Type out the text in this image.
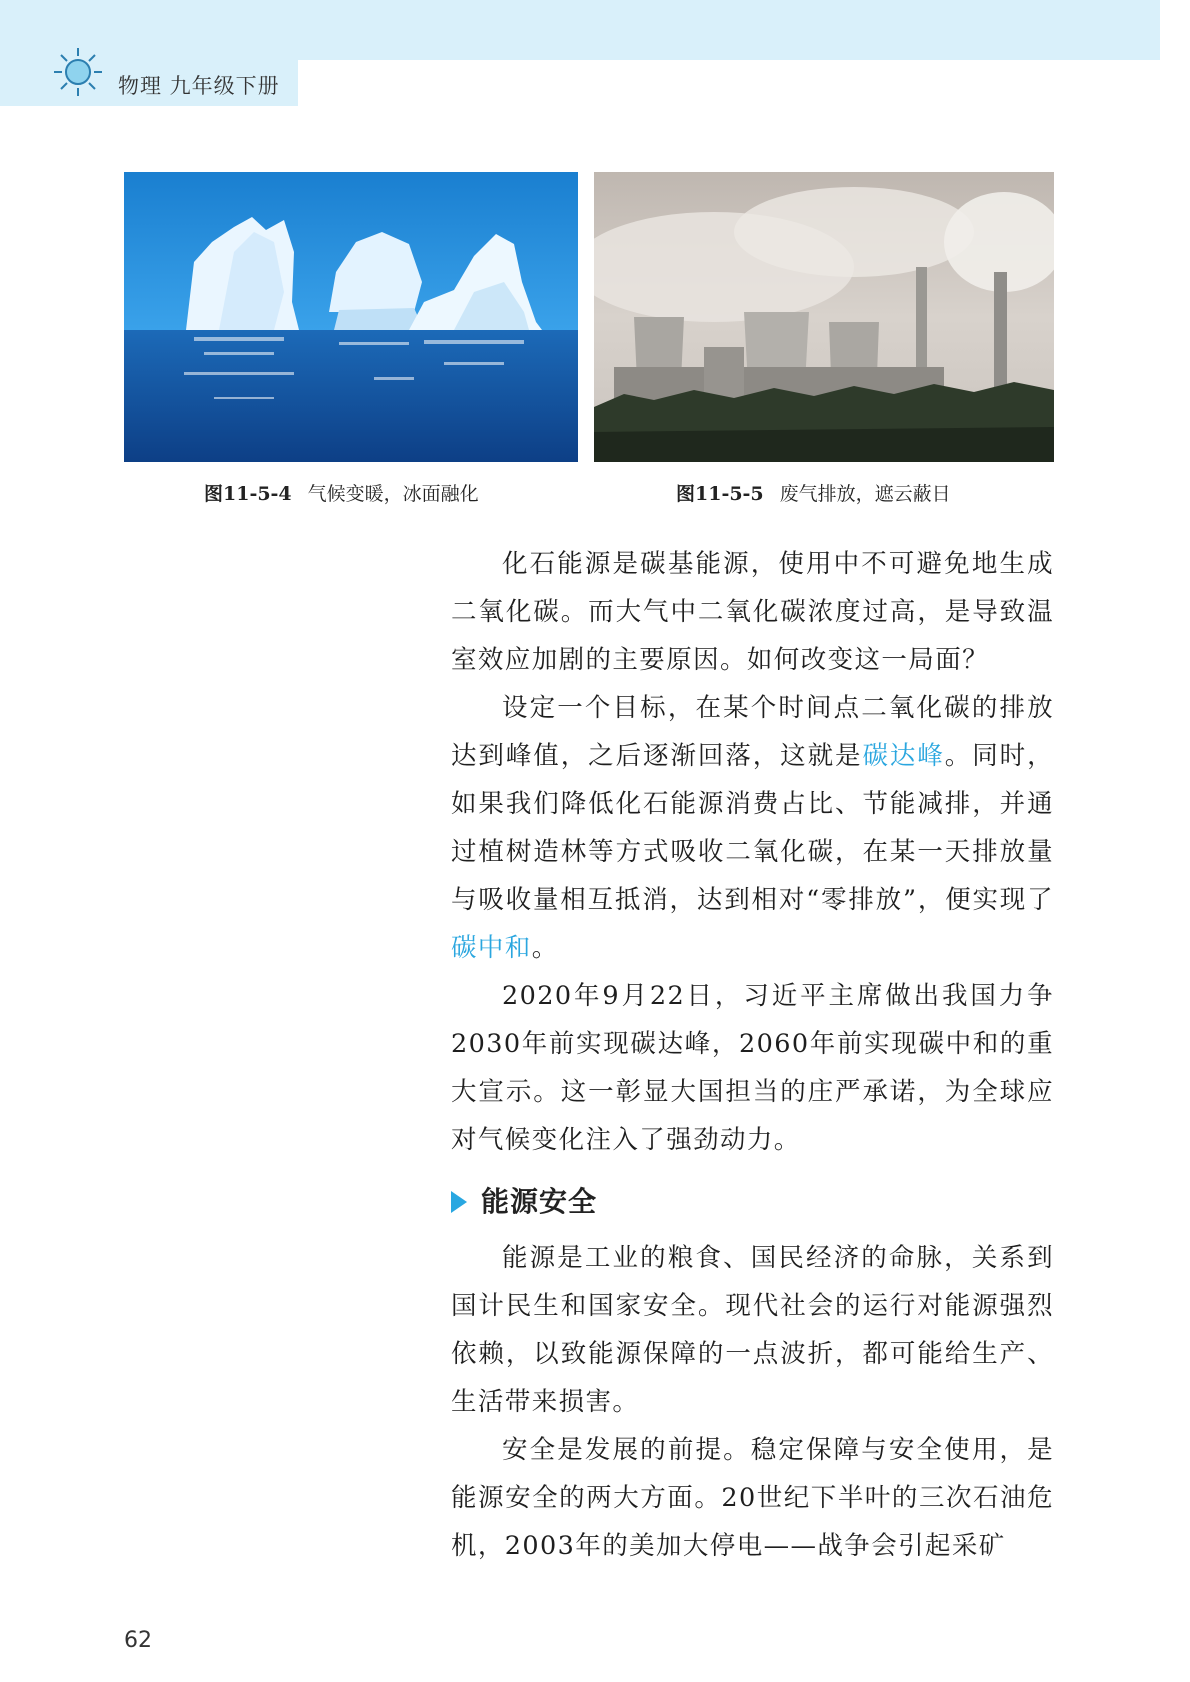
物理 九年级下册
图11-5-4 气候变暖，冰面融化	图11-5-5 废气排放，遮云蔽日

化石能源是碳基能源，使用中不可避免地生成二氧化碳。而大气中二氧化碳浓度过高，是导致温室效应加剧的主要原因。如何改变这一局面？

设定一个目标，在某个时间点二氧化碳的排放达到峰值，之后逐渐回落，这就是碳达峰。同时，如果我们降低化石能源消费占比、节能减排，并通过植树造林等方式吸收二氧化碳，在某一天排放量与吸收量相互抵消，达到相对“零排放”，便实现了碳中和。

2020年9月22日，习近平主席做出我国力争2030年前实现碳达峰，2060年前实现碳中和的重大宣示。这一彰显大国担当的庄严承诺，为全球应对气候变化注入了强劲动力。

能源安全

能源是工业的粮食、国民经济的命脉，关系到国计民生和国家安全。现代社会的运行对能源强烈依赖，以致能源保障的一点波折，都可能给生产、生活带来损害。

安全是发展的前提。稳定保障与安全使用，是能源安全的两大方面。20世纪下半叶的三次石油危机，2003年的美加大停电——战争会引起采矿

62
